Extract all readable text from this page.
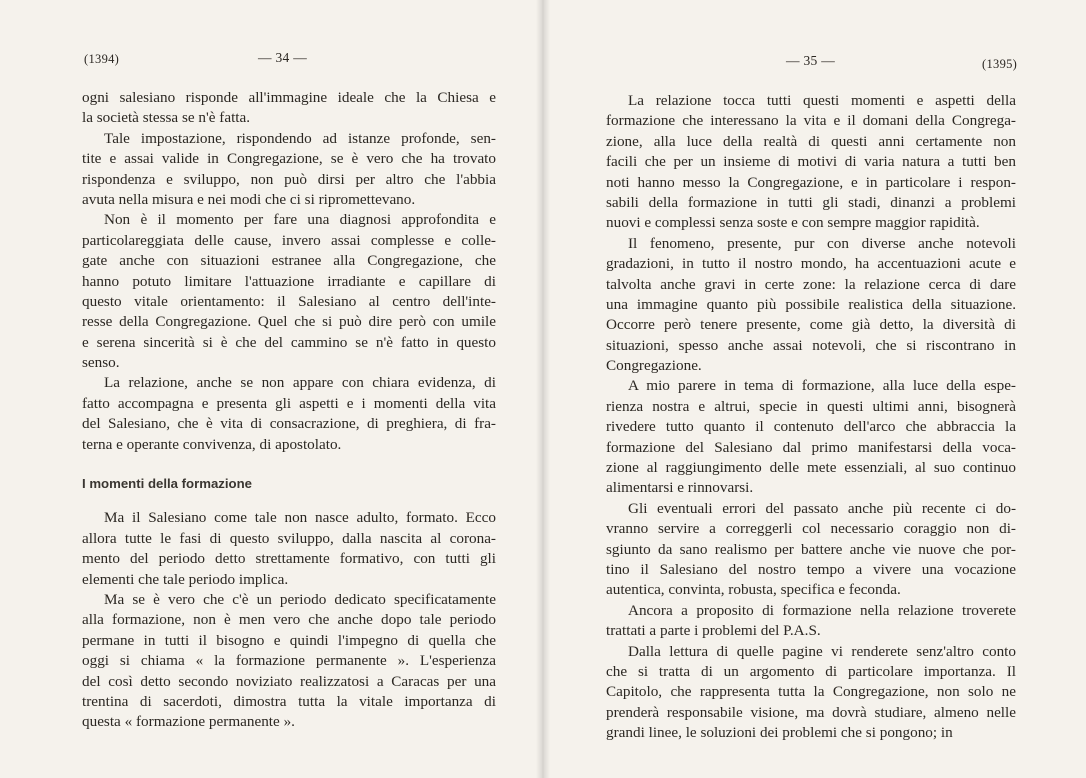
(1394)	— 34 —
ogni salesiano risponde all'immagine ideale che la Chiesa e
la società stessa se n'è fatta.
Tale impostazione, rispondendo ad istanze profonde, sen-
tite e assai valide in Congregazione, se è vero che ha trovato
rispondenza e sviluppo, non può dirsi per altro che l'abbia
avuta nella misura e nei modi che ci si ripromettevano.
Non è il momento per fare una diagnosi approfondita e
particolareggiata delle cause, invero assai complesse e colle-
gate anche con situazioni estranee alla Congregazione, che
hanno potuto limitare l'attuazione irradiante e capillare di
questo vitale orientamento: il Salesiano al centro dell'inte-
resse della Congregazione. Quel che si può dire però con umile
e serena sincerità si è che del cammino se n'è fatto in questo
senso.
La relazione, anche se non appare con chiara evidenza, di
fatto accompagna e presenta gli aspetti e i momenti della vita
del Salesiano, che è vita di consacrazione, di preghiera, di fra-
terna e operante convivenza, di apostolato.
I momenti della formazione
Ma il Salesiano come tale non nasce adulto, formato. Ecco
allora tutte le fasi di questo sviluppo, dalla nascita al corona-
mento del periodo detto strettamente formativo, con tutti gli
elementi che tale periodo implica.
Ma se è vero che c'è un periodo dedicato specificatamente
alla formazione, non è men vero che anche dopo tale periodo
permane in tutti il bisogno e quindi l'impegno di quella che
oggi si chiama « la formazione permanente ». L'esperienza
del così detto secondo noviziato realizzatosi a Caracas per una
trentina di sacerdoti, dimostra tutta la vitale importanza di
questa « formazione permanente ».
— 35 —	(1395)
La relazione tocca tutti questi momenti e aspetti della
formazione che interessano la vita e il domani della Congrega-
zione, alla luce della realtà di questi anni certamente non
facili che per un insieme di motivi di varia natura a tutti ben
noti hanno messo la Congregazione, e in particolare i respon-
sabili della formazione in tutti gli stadi, dinanzi a problemi
nuovi e complessi senza soste e con sempre maggior rapidità.
Il fenomeno, presente, pur con diverse anche notevoli
gradazioni, in tutto il nostro mondo, ha accentuazioni acute e
talvolta anche gravi in certe zone: la relazione cerca di dare
una immagine quanto più possibile realistica della situazione.
Occorre però tenere presente, come già detto, la diversità di
situazioni, spesso anche assai notevoli, che si riscontrano in
Congregazione.
A mio parere in tema di formazione, alla luce della espe-
rienza nostra e altrui, specie in questi ultimi anni, bisognerà
rivedere tutto quanto il contenuto dell'arco che abbraccia la
formazione del Salesiano dal primo manifestarsi della voca-
zione al raggiungimento delle mete essenziali, al suo continuo
alimentarsi e rinnovarsi.
Gli eventuali errori del passato anche più recente ci do-
vranno servire a correggerli col necessario coraggio non di-
sgiunto da sano realismo per battere anche vie nuove che por-
tino il Salesiano del nostro tempo a vivere una vocazione
autentica, convinta, robusta, specifica e feconda.
Ancora a proposito di formazione nella relazione troverete
trattati a parte i problemi del P.A.S.
Dalla lettura di quelle pagine vi renderete senz'altro conto
che si tratta di un argomento di particolare importanza. Il
Capitolo, che rappresenta tutta la Congregazione, non solo ne
prenderà responsabile visione, ma dovrà studiare, almeno nelle
grandi linee, le soluzioni dei problemi che si pongono; in
